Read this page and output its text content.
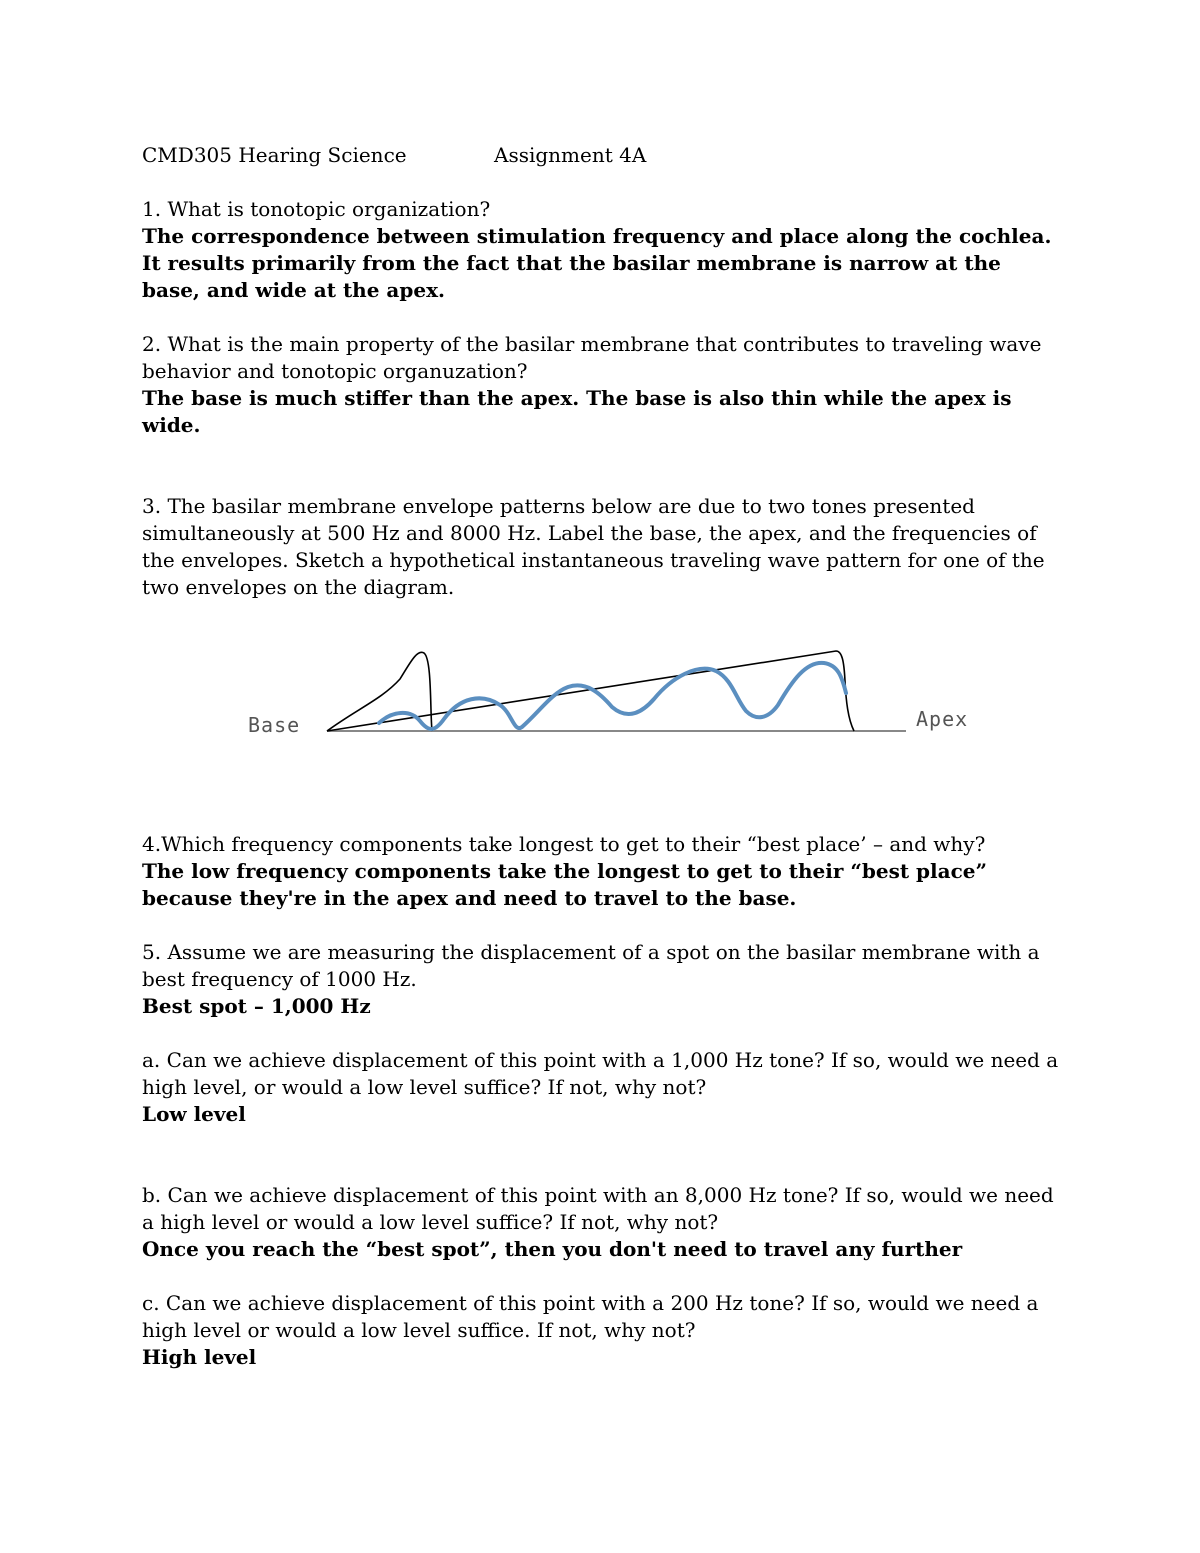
CMD305 Hearing Science	Assignment 4A
1. What is tonotopic organization?
The correspondence between stimulation frequency and place along the cochlea. It results primarily from the fact that the basilar membrane is narrow at the base, and wide at the apex.
2. What is the main property of the basilar membrane that contributes to traveling wave behavior and tonotopic organuzation?
The base is much stiffer than the apex. The base is also thin while the apex is wide.
3. The basilar membrane envelope patterns below are due to two tones presented simultaneously at 500 Hz and 8000 Hz. Label the base, the apex, and the frequencies of the envelopes. Sketch a hypothetical instantaneous traveling wave pattern for one of the two envelopes on the diagram.
Base	Apex
4.Which frequency components take longest to get to their “best place’ – and why?
The low frequency components take the longest to get to their “best place” because they're in the apex and need to travel to the base.
5. Assume we are measuring the displacement of a spot on the basilar membrane with a best frequency of 1000 Hz.
Best spot – 1,000 Hz
a. Can we achieve displacement of this point with a 1,000 Hz tone? If so, would we need a high level, or would a low level suffice? If not, why not?
Low level
b. Can we achieve displacement of this point with an 8,000 Hz tone? If so, would we need a high level or would a low level suffice? If not, why not?
Once you reach the “best spot”, then you don't need to travel any further
c. Can we achieve displacement of this point with a 200 Hz tone? If so, would we need a high level or would a low level suffice. If not, why not?
High level
